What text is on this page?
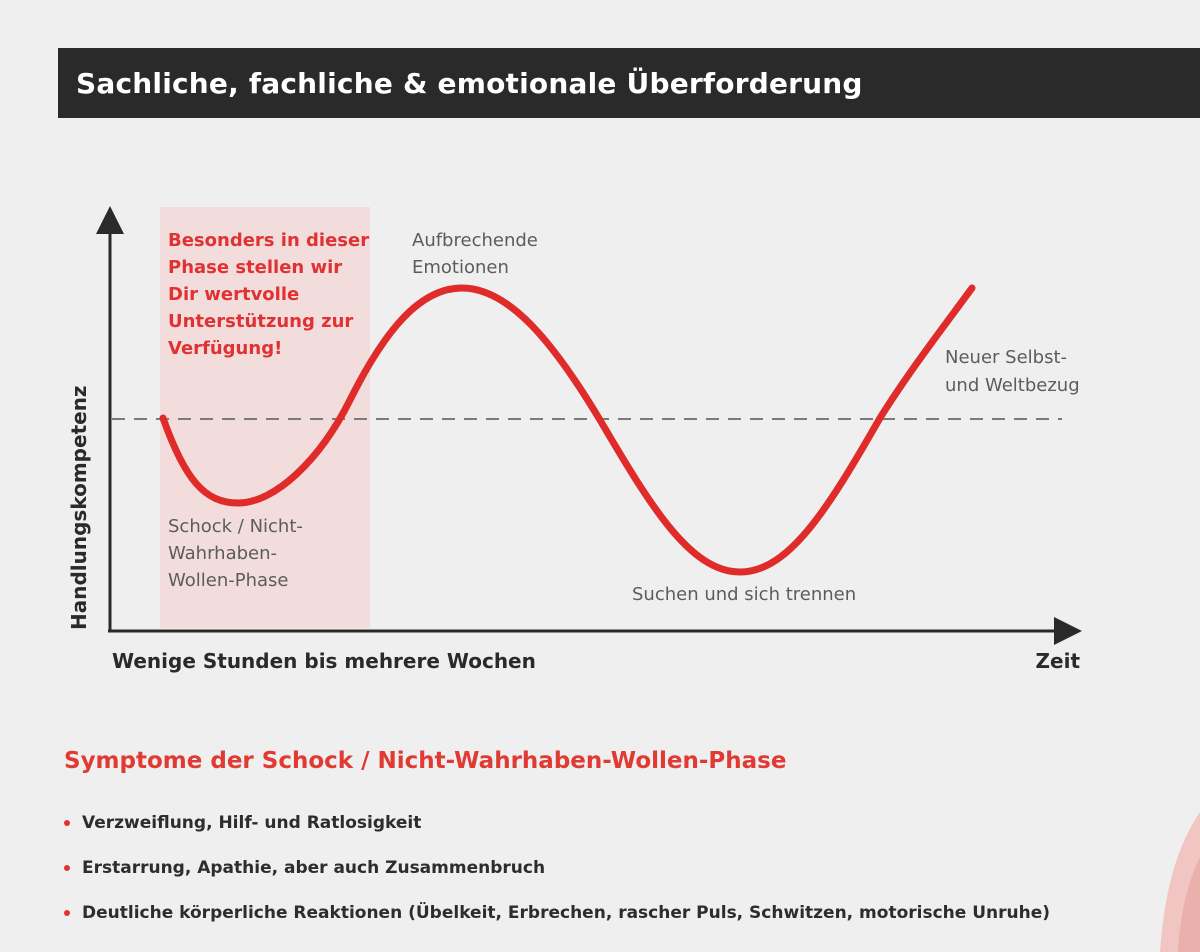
Sachliche, fachliche & emotionale Überforderung
Besonders in dieser Phase stellen wir Dir wertvolle Unterstützung zur Verfügung!
Schock / Nicht- Wahrhaben- Wollen-Phase
Aufbrechende Emotionen
Suchen und sich trennen
Neuer Selbst- und Weltbezug
Handlungskompetenz
Wenige Stunden bis mehrere Wochen	Zeit
Symptome der Schock / Nicht-Wahrhaben-Wollen-Phase
Verzweiflung, Hilf- und Ratlosigkeit
Erstarrung, Apathie, aber auch Zusammenbruch
Deutliche körperliche Reaktionen (Übelkeit, Erbrechen, rascher Puls, Schwitzen, motorische Unruhe)
